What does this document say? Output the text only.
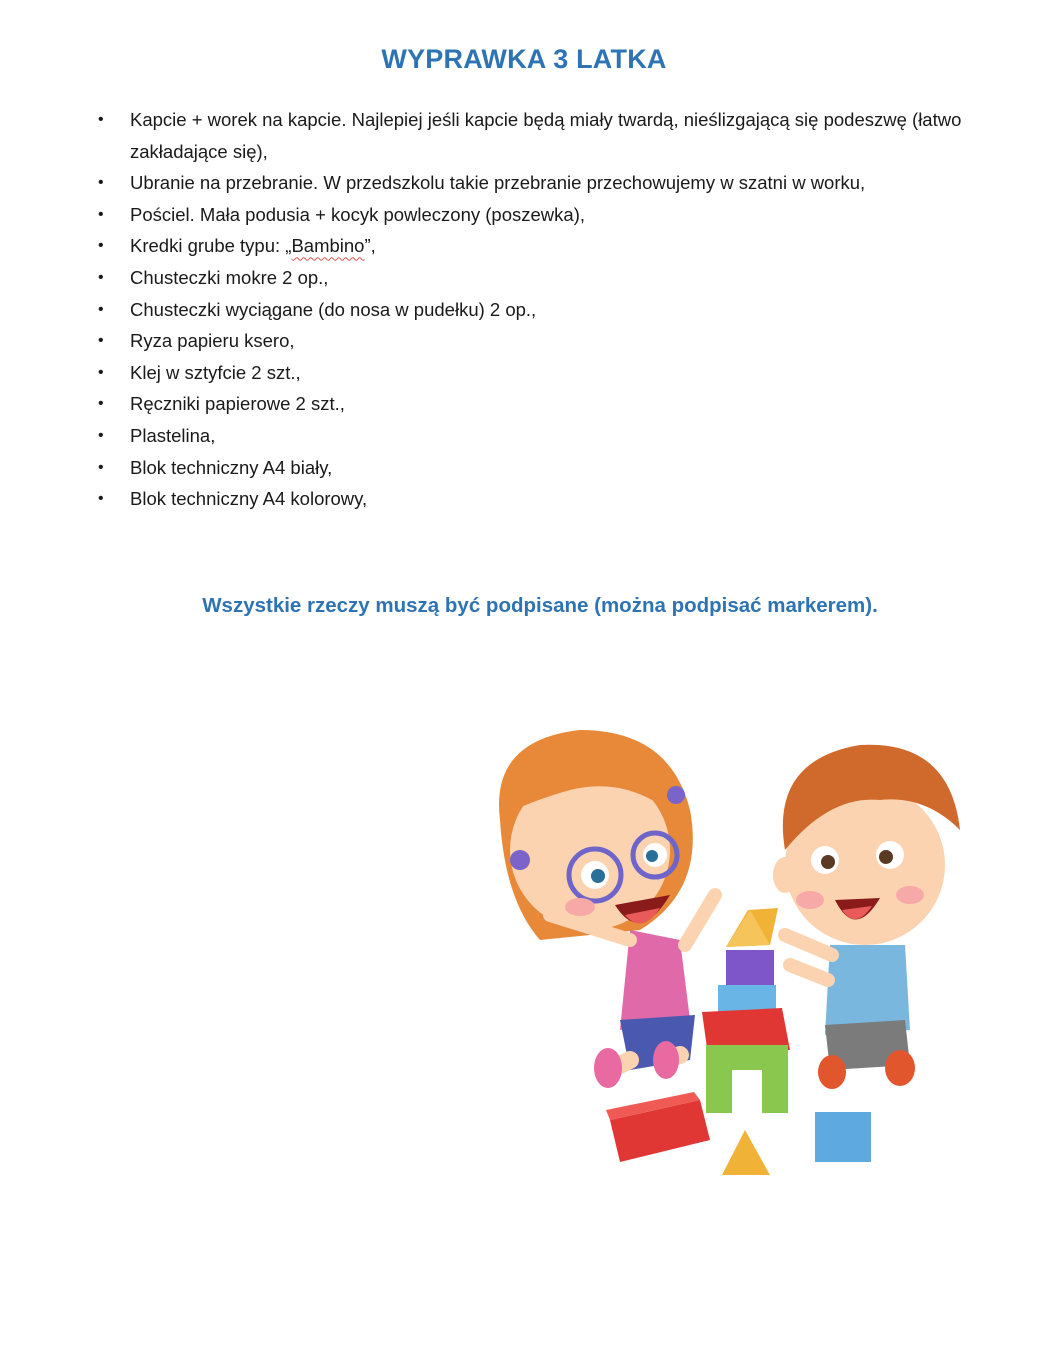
WYPRAWKA 3 LATKA
• Kapcie + worek na kapcie. Najlepiej jeśli kapcie będą miały twardą, nieślizgającą się podeszwę (łatwo zakładające się),
• Ubranie na przebranie. W przedszkolu takie przebranie przechowujemy w szatni w worku,
• Pościel. Mała podusia + kocyk powleczony (poszewka),
• Kredki grube typu: „Bambino”,
• Chusteczki mokre 2 op.,
• Chusteczki wyciągane (do nosa w pudełku) 2 op.,
• Ryza papieru ksero,
• Klej w sztyfcie 2 szt.,
• Ręczniki papierowe 2 szt.,
• Plastelina,
• Blok techniczny A4 biały,
• Blok techniczny A4 kolorowy,
Wszystkie rzeczy muszą być podpisane (można podpisać markerem).
